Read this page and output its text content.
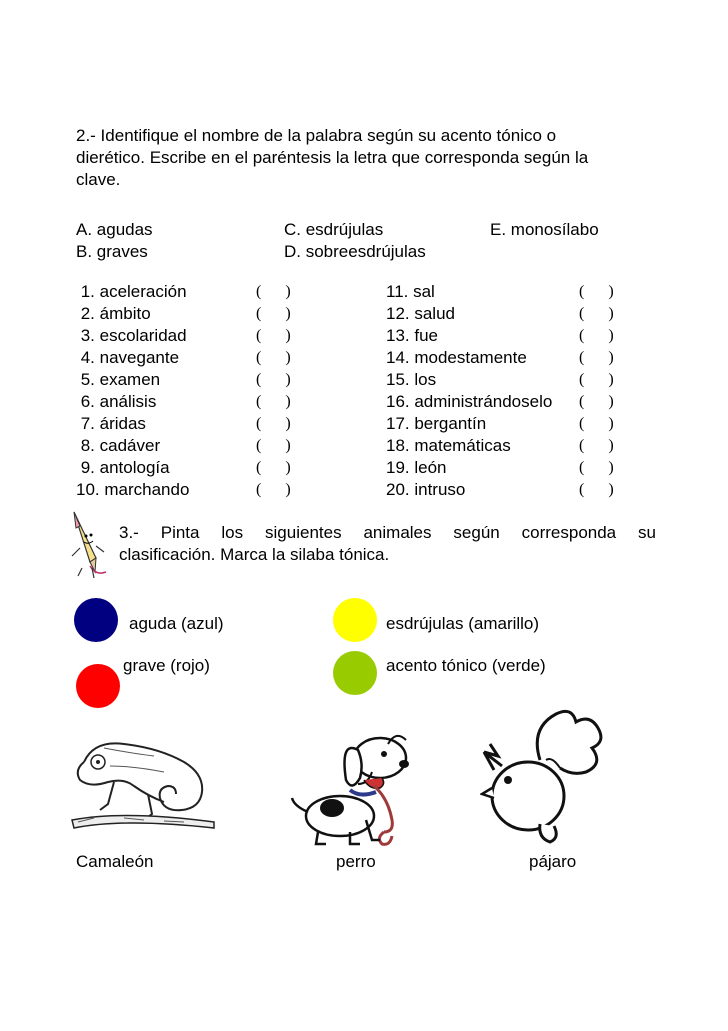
2.- Identifique el nombre de la palabra según su acento tónico o
dierético. Escribe en el paréntesis la letra que corresponda según la
clave.
A. agudas
B. graves
C. esdrújulas
D. sobreesdrújulas
E. monosílabo
1. aceleración	(      )
2. ámbito	(      )
3. escolaridad	(      )
4. navegante	(      )
5. examen	(      )
6. análisis	(      )
7. áridas	(      )
8. cadáver	(      )
9. antología	(      )
10. marchando	(      )
11. sal	(      )
12. salud	(      )
13. fue	(      )
14. modestamente	(      )
15. los	(      )
16. administrándoselo (      )
17. bergantín	(      )
18. matemáticas	(      )
19. león	(      )
20. intruso	(      )
3.- Pinta los siguientes animales según corresponda su
clasificación. Marca la silaba tónica.
aguda (azul)
grave (rojo)
esdrújulas (amarillo)
acento tónico (verde)
Camaleón	perro	pájaro
